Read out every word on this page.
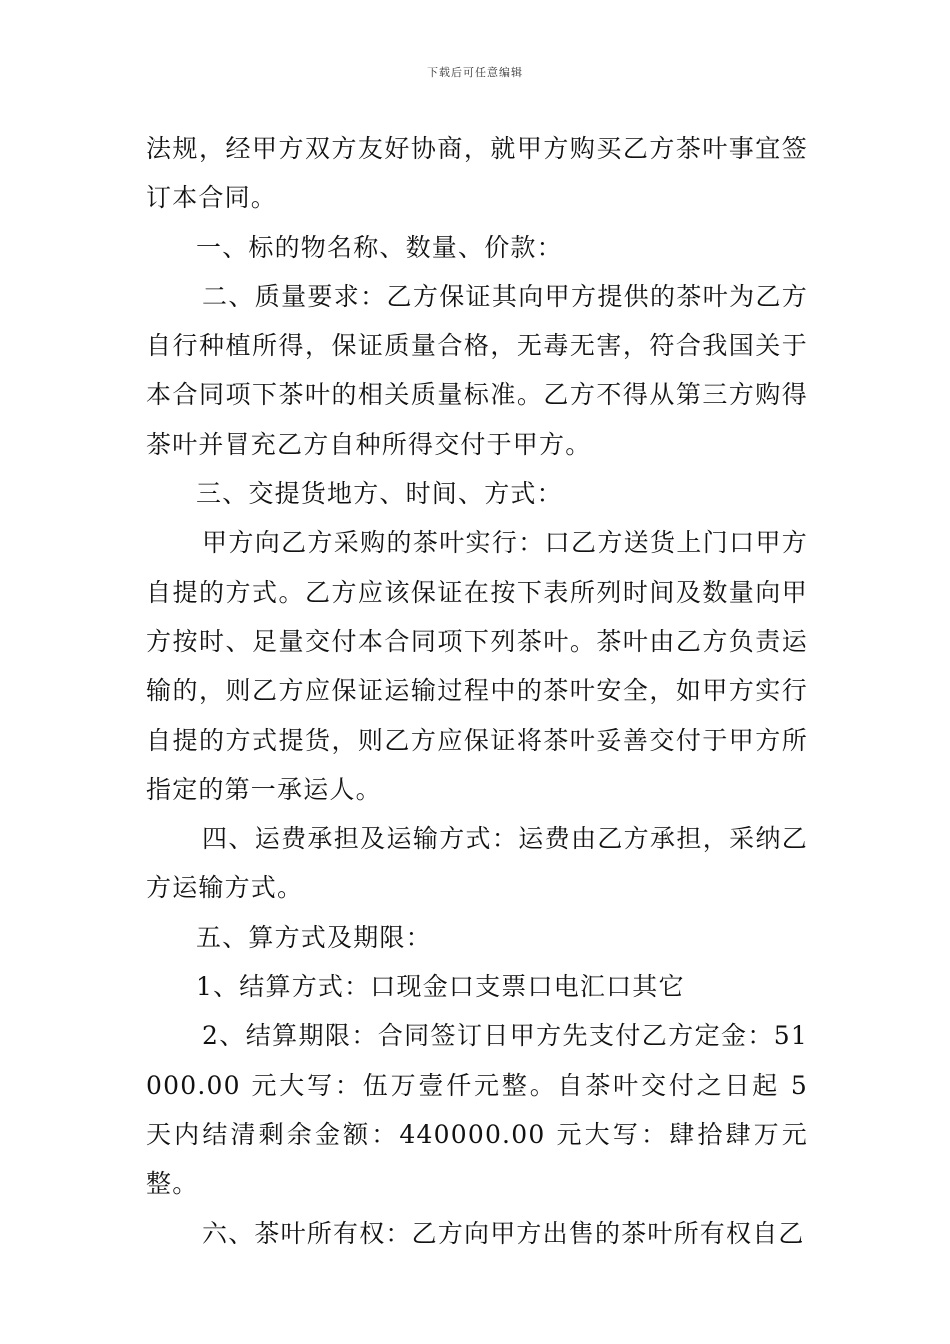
下载后可任意编辑

法规，经甲方双方友好协商，就甲方购买乙方茶叶事宜签订本合同。

一、标的物名称、数量、价款：

二、质量要求：乙方保证其向甲方提供的茶叶为乙方自行种植所得，保证质量合格，无毒无害，符合我国关于本合同项下茶叶的相关质量标准。乙方不得从第三方购得茶叶并冒充乙方自种所得交付于甲方。

三、交提货地方、时间、方式：

甲方向乙方采购的茶叶实行：口乙方送货上门口甲方自提的方式。乙方应该保证在按下表所列时间及数量向甲方按时、足量交付本合同项下列茶叶。茶叶由乙方负责运输的，则乙方应保证运输过程中的茶叶安全，如甲方实行自提的方式提货，则乙方应保证将茶叶妥善交付于甲方所指定的第一承运人。

四、运费承担及运输方式：运费由乙方承担，采纳乙方运输方式。

五、算方式及期限：

1、结算方式：口现金口支票口电汇口其它

2、结算期限：合同签订日甲方先支付乙方定金：51000.00 元大写：伍万壹仟元整。自茶叶交付之日起 5 天内结清剩余金额：440000.00 元大写：肆拾肆万元整。

六、茶叶所有权：乙方向甲方出售的茶叶所有权自乙
